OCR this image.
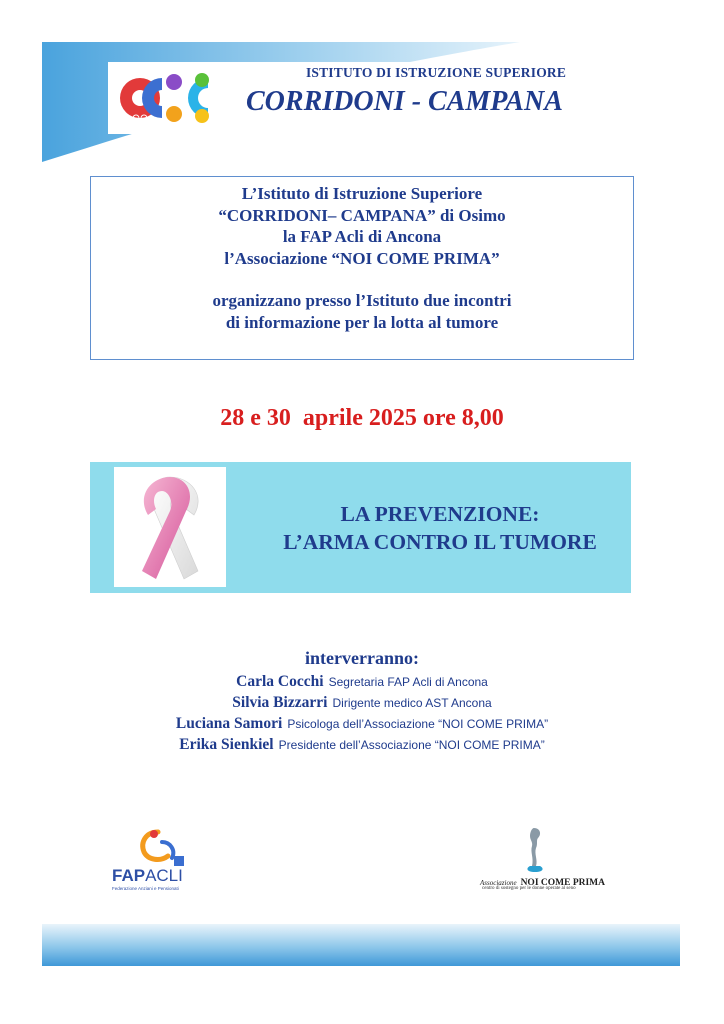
ISTITUTO DI ISTRUZIONE SUPERIORE
CORRIDONI - CAMPANA
L’Istituto di Istruzione Superiore
“CORRIDONI– CAMPANA” di Osimo
la FAP Acli di Ancona
l’Associazione “NOI COME PRIMA”
organizzano presso l’Istituto due incontri
di informazione per la lotta al tumore
28 e 30  aprile 2025 ore 8,00
LA PREVENZIONE:
L’ARMA CONTRO IL TUMORE
interverranno:
Carla Cocchi Segretaria FAP Acli di Ancona
Silvia Bizzarri Dirigente medico AST Ancona
Luciana Samori Psicologa dell’Associazione “NOI COME PRIMA”
Erika Sienkiel Presidente dell’Associazione “NOI COME PRIMA”
FAPACLI
Federazione Anziani e Pensionati
Associazione NOI COME PRIMA
centro di sostegno per le donne operate al seno
